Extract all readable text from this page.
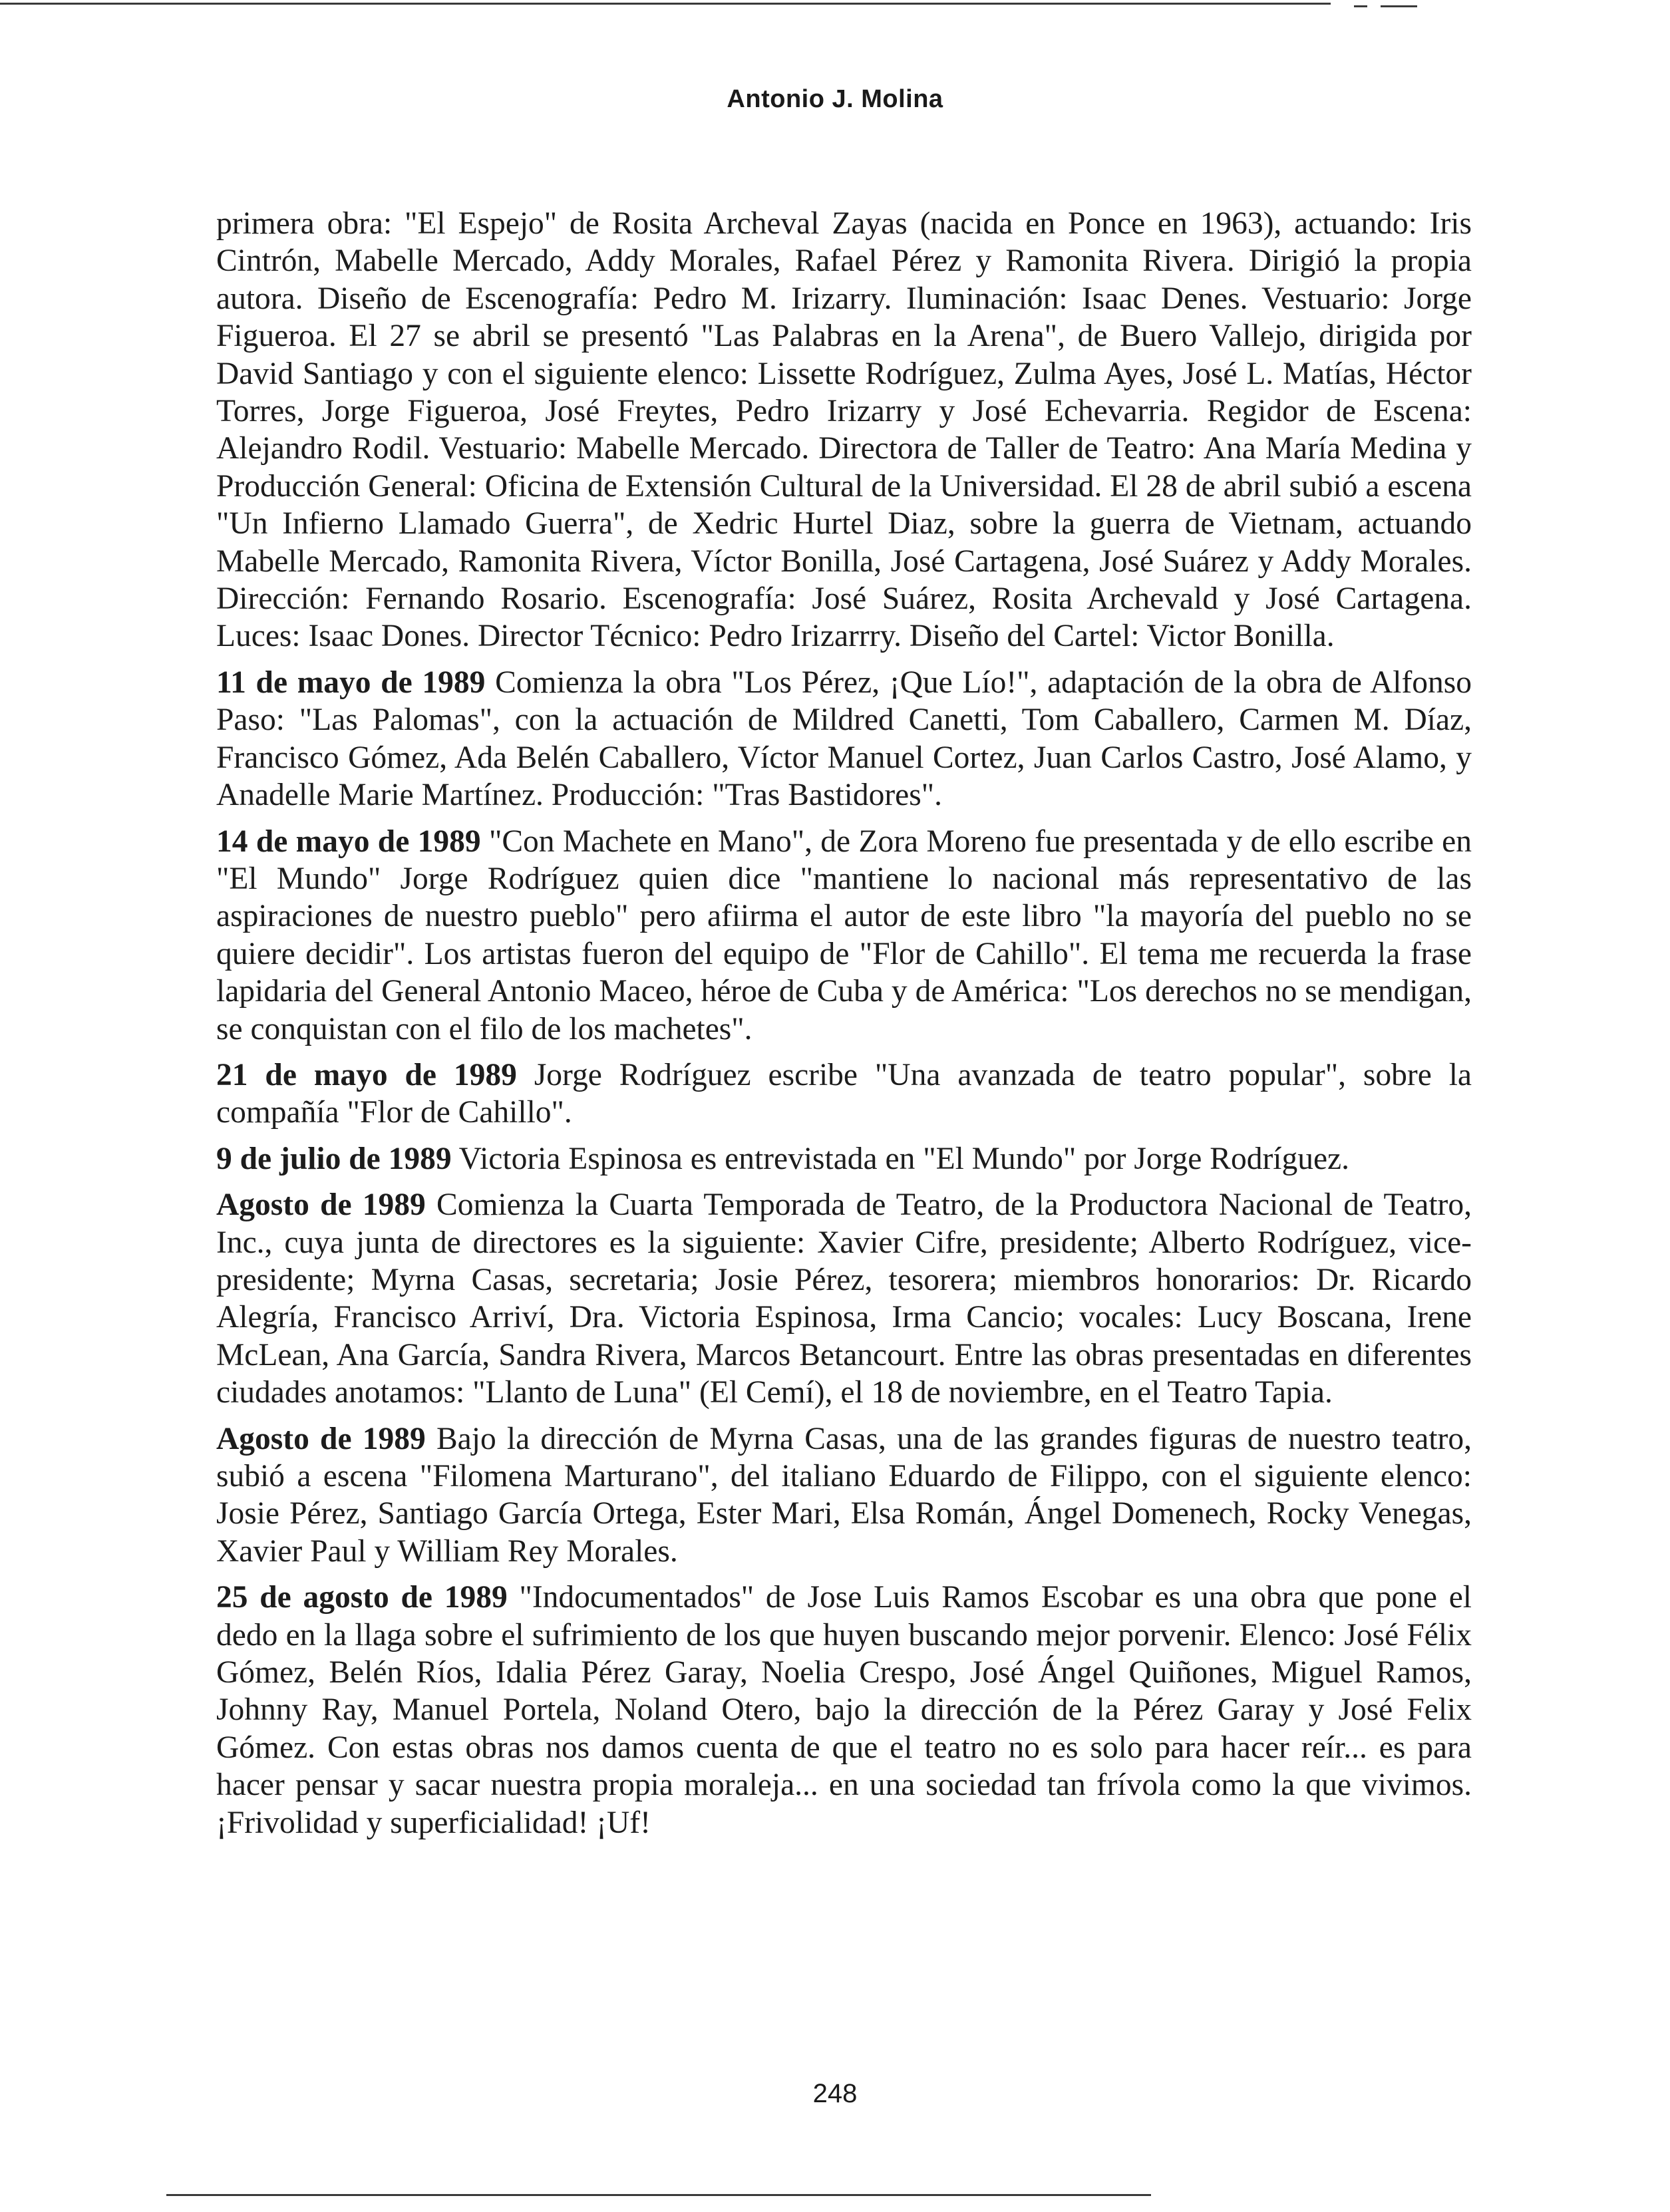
Antonio J. Molina

primera obra: "El Espejo" de Rosita Archeval Zayas (nacida en Ponce en 1963), actuando: Iris Cintrón, Mabelle Mercado, Addy Morales, Rafael Pérez y Ramonita Rivera. Dirigió la propia autora. Diseño de Escenografía: Pedro M. Irizarry. Iluminación: Isaac Denes. Vestuario: Jorge Figueroa. El 27 se abril se presentó "Las Palabras en la Arena", de Buero Vallejo, dirigida por David Santiago y con el siguiente elenco: Lissette Rodríguez, Zulma Ayes, José L. Matías, Héctor Torres, Jorge Figueroa, José Freytes, Pedro Irizarry y José Echevarria. Regidor de Escena: Alejandro Rodil. Vestuario: Mabelle Mercado. Directora de Taller de Teatro: Ana María Medina y Producción General: Oficina de Extensión Cultural de la Universidad. El 28 de abril subió a escena "Un Infierno Llamado Guerra", de Xedric Hurtel Diaz, sobre la guerra de Vietnam, actuando Mabelle Mercado, Ramonita Rivera, Víctor Bonilla, José Cartagena, José Suárez y Addy Morales. Dirección: Fernando Rosario. Escenografía: José Suárez, Rosita Archevald y José Cartagena. Luces: Isaac Dones. Director Técnico: Pedro Irizarrry. Diseño del Cartel: Victor Bonilla.

11 de mayo de 1989 Comienza la obra "Los Pérez, ¡Que Lío!", adaptación de la obra de Alfonso Paso: "Las Palomas", con la actuación de Mildred Canetti, Tom Caballero, Carmen M. Díaz, Francisco Gómez, Ada Belén Caballero, Víctor Manuel Cortez, Juan Carlos Castro, José Alamo, y Anadelle Marie Martínez. Producción: "Tras Bastidores".

14 de mayo de 1989 "Con Machete en Mano", de Zora Moreno fue presentada y de ello escribe en "El Mundo" Jorge Rodríguez quien dice "mantiene lo nacional más representativo de las aspiraciones de nuestro pueblo" pero afiirma el autor de este libro "la mayoría del pueblo no se quiere decidir". Los artistas fueron del equipo de "Flor de Cahillo". El tema me recuerda la frase lapidaria del General Antonio Maceo, héroe de Cuba y de América: "Los derechos no se mendigan, se conquistan con el filo de los machetes".

21 de mayo de 1989 Jorge Rodríguez escribe "Una avanzada de teatro popular", sobre la compañía "Flor de Cahillo".

9 de julio de 1989 Victoria Espinosa es entrevistada en "El Mundo" por Jorge Rodríguez.

Agosto de 1989 Comienza la Cuarta Temporada de Teatro, de la Productora Nacional de Teatro, Inc., cuya junta de directores es la siguiente: Xavier Cifre, presidente; Alberto Rodríguez, vice-presidente; Myrna Casas, secretaria; Josie Pérez, tesorera; miembros honorarios: Dr. Ricardo Alegría, Francisco Arriví, Dra. Victoria Espinosa, Irma Cancio; vocales: Lucy Boscana, Irene McLean, Ana García, Sandra Rivera, Marcos Betancourt. Entre las obras presentadas en diferentes ciudades anotamos: "Llanto de Luna" (El Cemí), el 18 de noviembre, en el Teatro Tapia.

Agosto de 1989 Bajo la dirección de Myrna Casas, una de las grandes figuras de nuestro teatro, subió a escena "Filomena Marturano", del italiano Eduardo de Filippo, con el siguiente elenco: Josie Pérez, Santiago García Ortega, Ester Mari, Elsa Román, Ángel Domenech, Rocky Venegas, Xavier Paul y William Rey Morales.

25 de agosto de 1989 "Indocumentados" de Jose Luis Ramos Escobar es una obra que pone el dedo en la llaga sobre el sufrimiento de los que huyen buscando mejor porvenir. Elenco: José Félix Gómez, Belén Ríos, Idalia Pérez Garay, Noelia Crespo, José Ángel Quiñones, Miguel Ramos, Johnny Ray, Manuel Portela, Noland Otero, bajo la dirección de la Pérez Garay y José Felix Gómez. Con estas obras nos damos cuenta de que el teatro no es solo para hacer reír... es para hacer pensar y sacar nuestra propia moraleja... en una sociedad tan frívola como la que vivimos. ¡Frivolidad y superficialidad! ¡Uf!

248
